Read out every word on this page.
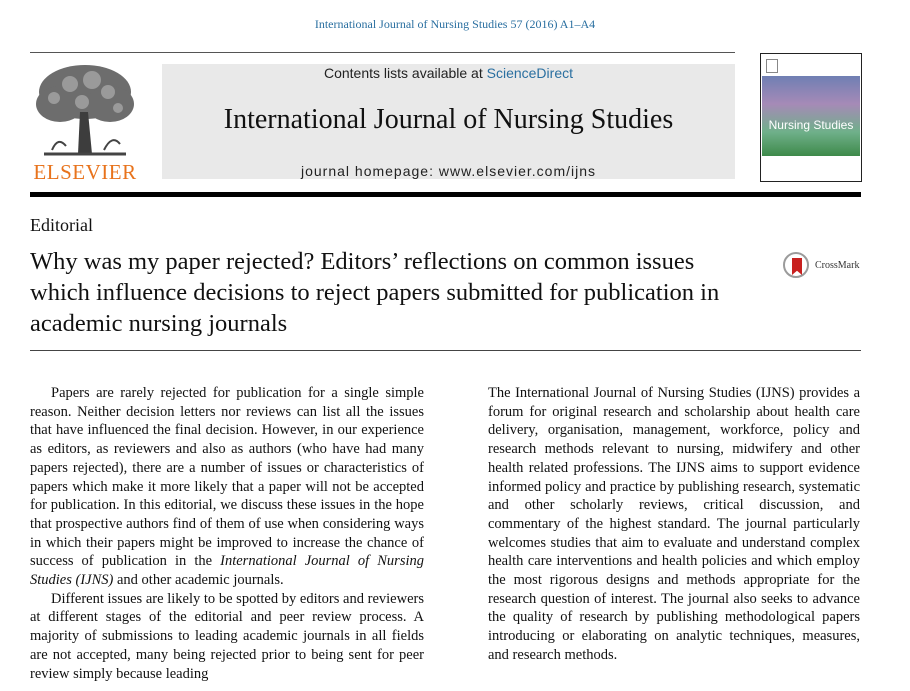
International Journal of Nursing Studies 57 (2016) A1–A4
ELSEVIER
Contents lists available at ScienceDirect
International Journal of Nursing Studies
journal homepage: www.elsevier.com/ijns
Nursing Studies
Editorial
Why was my paper rejected? Editors’ reflections on common issues which influence decisions to reject papers submitted for publication in academic nursing journals
CrossMark

Papers are rarely rejected for publication for a single simple reason. Neither decision letters nor reviews can list all the issues that have influenced the final decision. However, in our experience as editors, as reviewers and also as authors (who have had many papers rejected), there are a number of issues or characteristics of papers which make it more likely that a paper will not be accepted for publication. In this editorial, we discuss these issues in the hope that prospective authors find of them of use when considering ways in which their papers might be improved to increase the chance of success of publication in the International Journal of Nursing Studies (IJNS) and other academic journals.

Different issues are likely to be spotted by editors and reviewers at different stages of the editorial and peer review process. A majority of submissions to leading academic journals in all fields are not accepted, many being rejected prior to being sent for peer review simply because leading

The International Journal of Nursing Studies (IJNS) provides a forum for original research and scholarship about health care delivery, organisation, management, workforce, policy and research methods relevant to nursing, midwifery and other health related professions. The IJNS aims to support evidence informed policy and practice by publishing research, systematic and other scholarly reviews, critical discussion, and commentary of the highest standard. The journal particularly welcomes studies that aim to evaluate and understand complex health care interventions and health policies and which employ the most rigorous designs and methods appropriate for the research question of interest. The journal also seeks to advance the quality of research by publishing methodological papers introducing or elaborating on analytic techniques, measures, and research methods.
